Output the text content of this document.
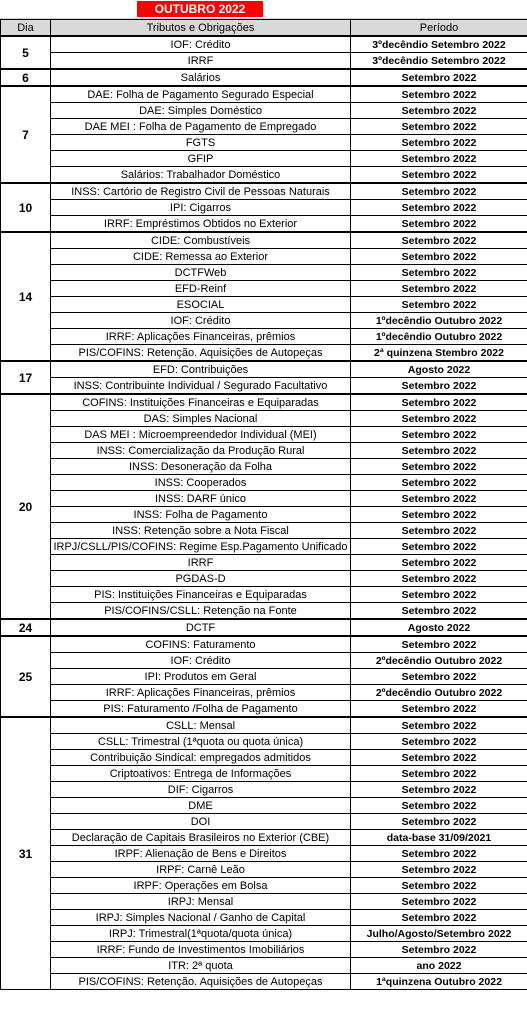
OUTUBRO 2022
Dia	Tributos e Obrigações	Período
5	IOF: Crédito	3ºdecêndio Setembro 2022
	IRRF	3ºdecêndio Setembro 2022
6	Salários	Setembro 2022
7	DAE: Folha de Pagamento Segurado Especial	Setembro 2022
	DAE: Simples Doméstico	Setembro 2022
	DAE MEI : Folha de Pagamento de Empregado	Setembro 2022
	FGTS	Setembro 2022
	GFIP	Setembro 2022
	Salários: Trabalhador Doméstico	Setembro 2022
10	INSS: Cartório de Registro Civil de Pessoas Naturais	Setembro 2022
	IPI: Cigarros	Setembro 2022
	IRRF: Empréstimos Obtidos no Exterior	Setembro 2022
14	CIDE: Combustíveis	Setembro 2022
	CIDE: Remessa ao Exterior	Setembro 2022
	DCTFWeb	Setembro 2022
	EFD-Reinf	Setembro 2022
	ESOCIAL	Setembro 2022
	IOF: Crédito	1ºdecêndio Outubro 2022
	IRRF: Aplicações Financeiras, prêmios	1ºdecêndio Outubro 2022
	PIS/COFINS: Retenção. Aquisições de Autopeças	2ª quinzena Stembro 2022
17	EFD: Contribuições	Agosto 2022
	INSS: Contribuinte Individual / Segurado Facultativo	Setembro 2022
20	COFINS: Instituições Financeiras e Equiparadas	Setembro 2022
	DAS: Simples Nacional	Setembro 2022
	DAS MEI : Microempreendedor Individual (MEI)	Setembro 2022
	INSS: Comercialização da Produção Rural	Setembro 2022
	INSS: Desoneração da Folha	Setembro 2022
	INSS: Cooperados	Setembro 2022
	INSS: DARF único	Setembro 2022
	INSS: Folha de Pagamento	Setembro 2022
	INSS: Retenção sobre a Nota Fiscal	Setembro 2022
	IRPJ/CSLL/PIS/COFINS: Regime Esp.Pagamento Unificado	Setembro 2022
	IRRF	Setembro 2022
	PGDAS-D	Setembro 2022
	PIS: Instituições Financeiras e Equiparadas	Setembro 2022
	PIS/COFINS/CSLL: Retenção na Fonte	Setembro 2022
24	DCTF	Agosto 2022
25	COFINS: Faturamento	Setembro 2022
	IOF: Crédito	2ºdecêndio Outubro 2022
	IPI: Produtos em Geral	Setembro 2022
	IRRF: Aplicações Financeiras, prêmios	2ºdecêndio Outubro 2022
	PIS: Faturamento /Folha de Pagamento	Setembro 2022
31	CSLL: Mensal	Setembro 2022
	CSLL: Trimestral (1ªquota ou quota única)	Setembro 2022
	Contribuição Sindical: empregados admitidos	Setembro 2022
	Criptoativos: Entrega de Informações	Setembro 2022
	DIF: Cigarros	Setembro 2022
	DME	Setembro 2022
	DOI	Setembro 2022
	Declaração de Capitais Brasileiros no Exterior (CBE)	data-base 31/09/2021
	IRPF: Alienação de Bens e Direitos	Setembro 2022
	IRPF: Carnê Leão	Setembro 2022
	IRPF: Operações em Bolsa	Setembro 2022
	IRPJ: Mensal	Setembro 2022
	IRPJ: Simples Nacional / Ganho de Capital	Setembro 2022
	IRPJ: Trimestral(1ªquota/quota única)	Julho/Agosto/Setembro 2022
	IRRF: Fundo de Investimentos Imobiliários	Setembro 2022
	ITR: 2ª quota	ano 2022
	PIS/COFINS: Retenção. Aquisições de Autopeças	1ªquinzena Outubro 2022
